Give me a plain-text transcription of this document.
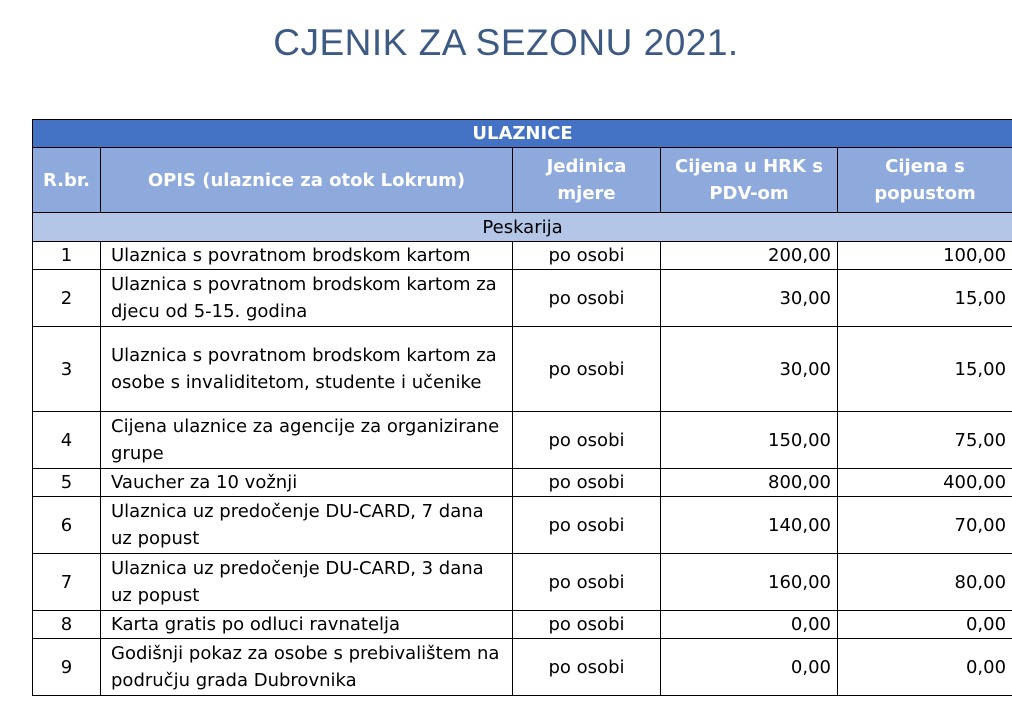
CJENIK ZA SEZONU 2021.
ULAZNICE				
R.br.	OPIS (ulaznice za otok Lokrum)	Jedinica mjere	Cijena u HRK s PDV-om	Cijena s popustom
Peskarija				
1	Ulaznica s povratnom brodskom kartom	po osobi	200,00	100,00
2	Ulaznica s povratnom brodskom kartom za djecu od 5-15. godina	po osobi	30,00	15,00
3	Ulaznica s povratnom brodskom kartom za osobe s invaliditetom, studente i učenike	po osobi	30,00	15,00
4	Cijena ulaznice za agencije za organizirane grupe	po osobi	150,00	75,00
5	Vaucher za 10 vožnji	po osobi	800,00	400,00
6	Ulaznica uz predočenje DU-CARD, 7 dana uz popust	po osobi	140,00	70,00
7	Ulaznica uz predočenje DU-CARD, 3 dana uz popust	po osobi	160,00	80,00
8	Karta gratis po odluci ravnatelja	po osobi	0,00	0,00
9	Godišnji pokaz za osobe s prebivalištem na području grada Dubrovnika	po osobi	0,00	0,00
